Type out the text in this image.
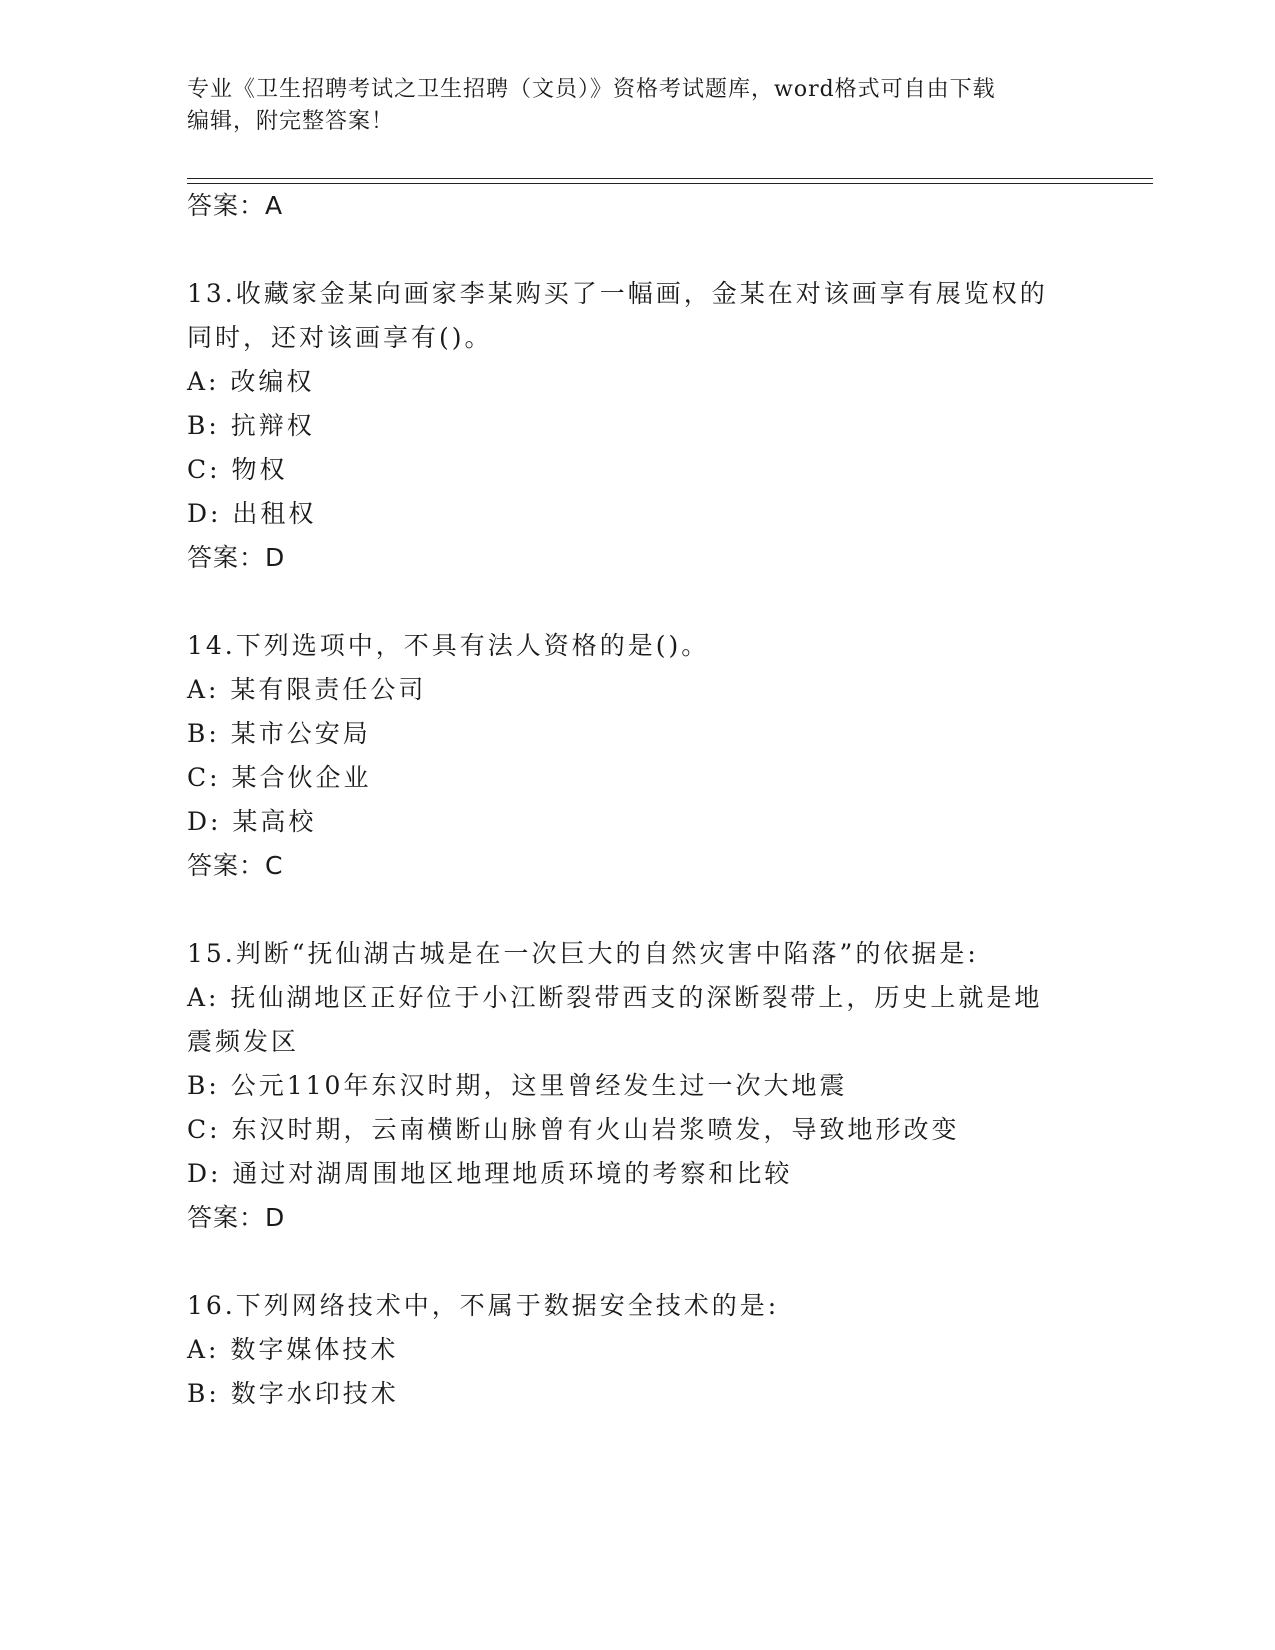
专业《卫生招聘考试之卫生招聘（文员）》资格考试题库，word格式可自由下载
编辑，附完整答案！
答案：A
13.收藏家金某向画家李某购买了一幅画，金某在对该画享有展览权的
同时，还对该画享有()。
A: 改编权
B: 抗辩权
C: 物权
D: 出租权
答案：D
14.下列选项中，不具有法人资格的是()。
A: 某有限责任公司
B: 某市公安局
C: 某合伙企业
D: 某高校
答案：C
15.判断“抚仙湖古城是在一次巨大的自然灾害中陷落”的依据是:
A: 抚仙湖地区正好位于小江断裂带西支的深断裂带上，历史上就是地
震频发区
B: 公元110年东汉时期，这里曾经发生过一次大地震
C: 东汉时期，云南横断山脉曾有火山岩浆喷发，导致地形改变
D: 通过对湖周围地区地理地质环境的考察和比较
答案：D
16.下列网络技术中，不属于数据安全技术的是:
A: 数字媒体技术
B: 数字水印技术
